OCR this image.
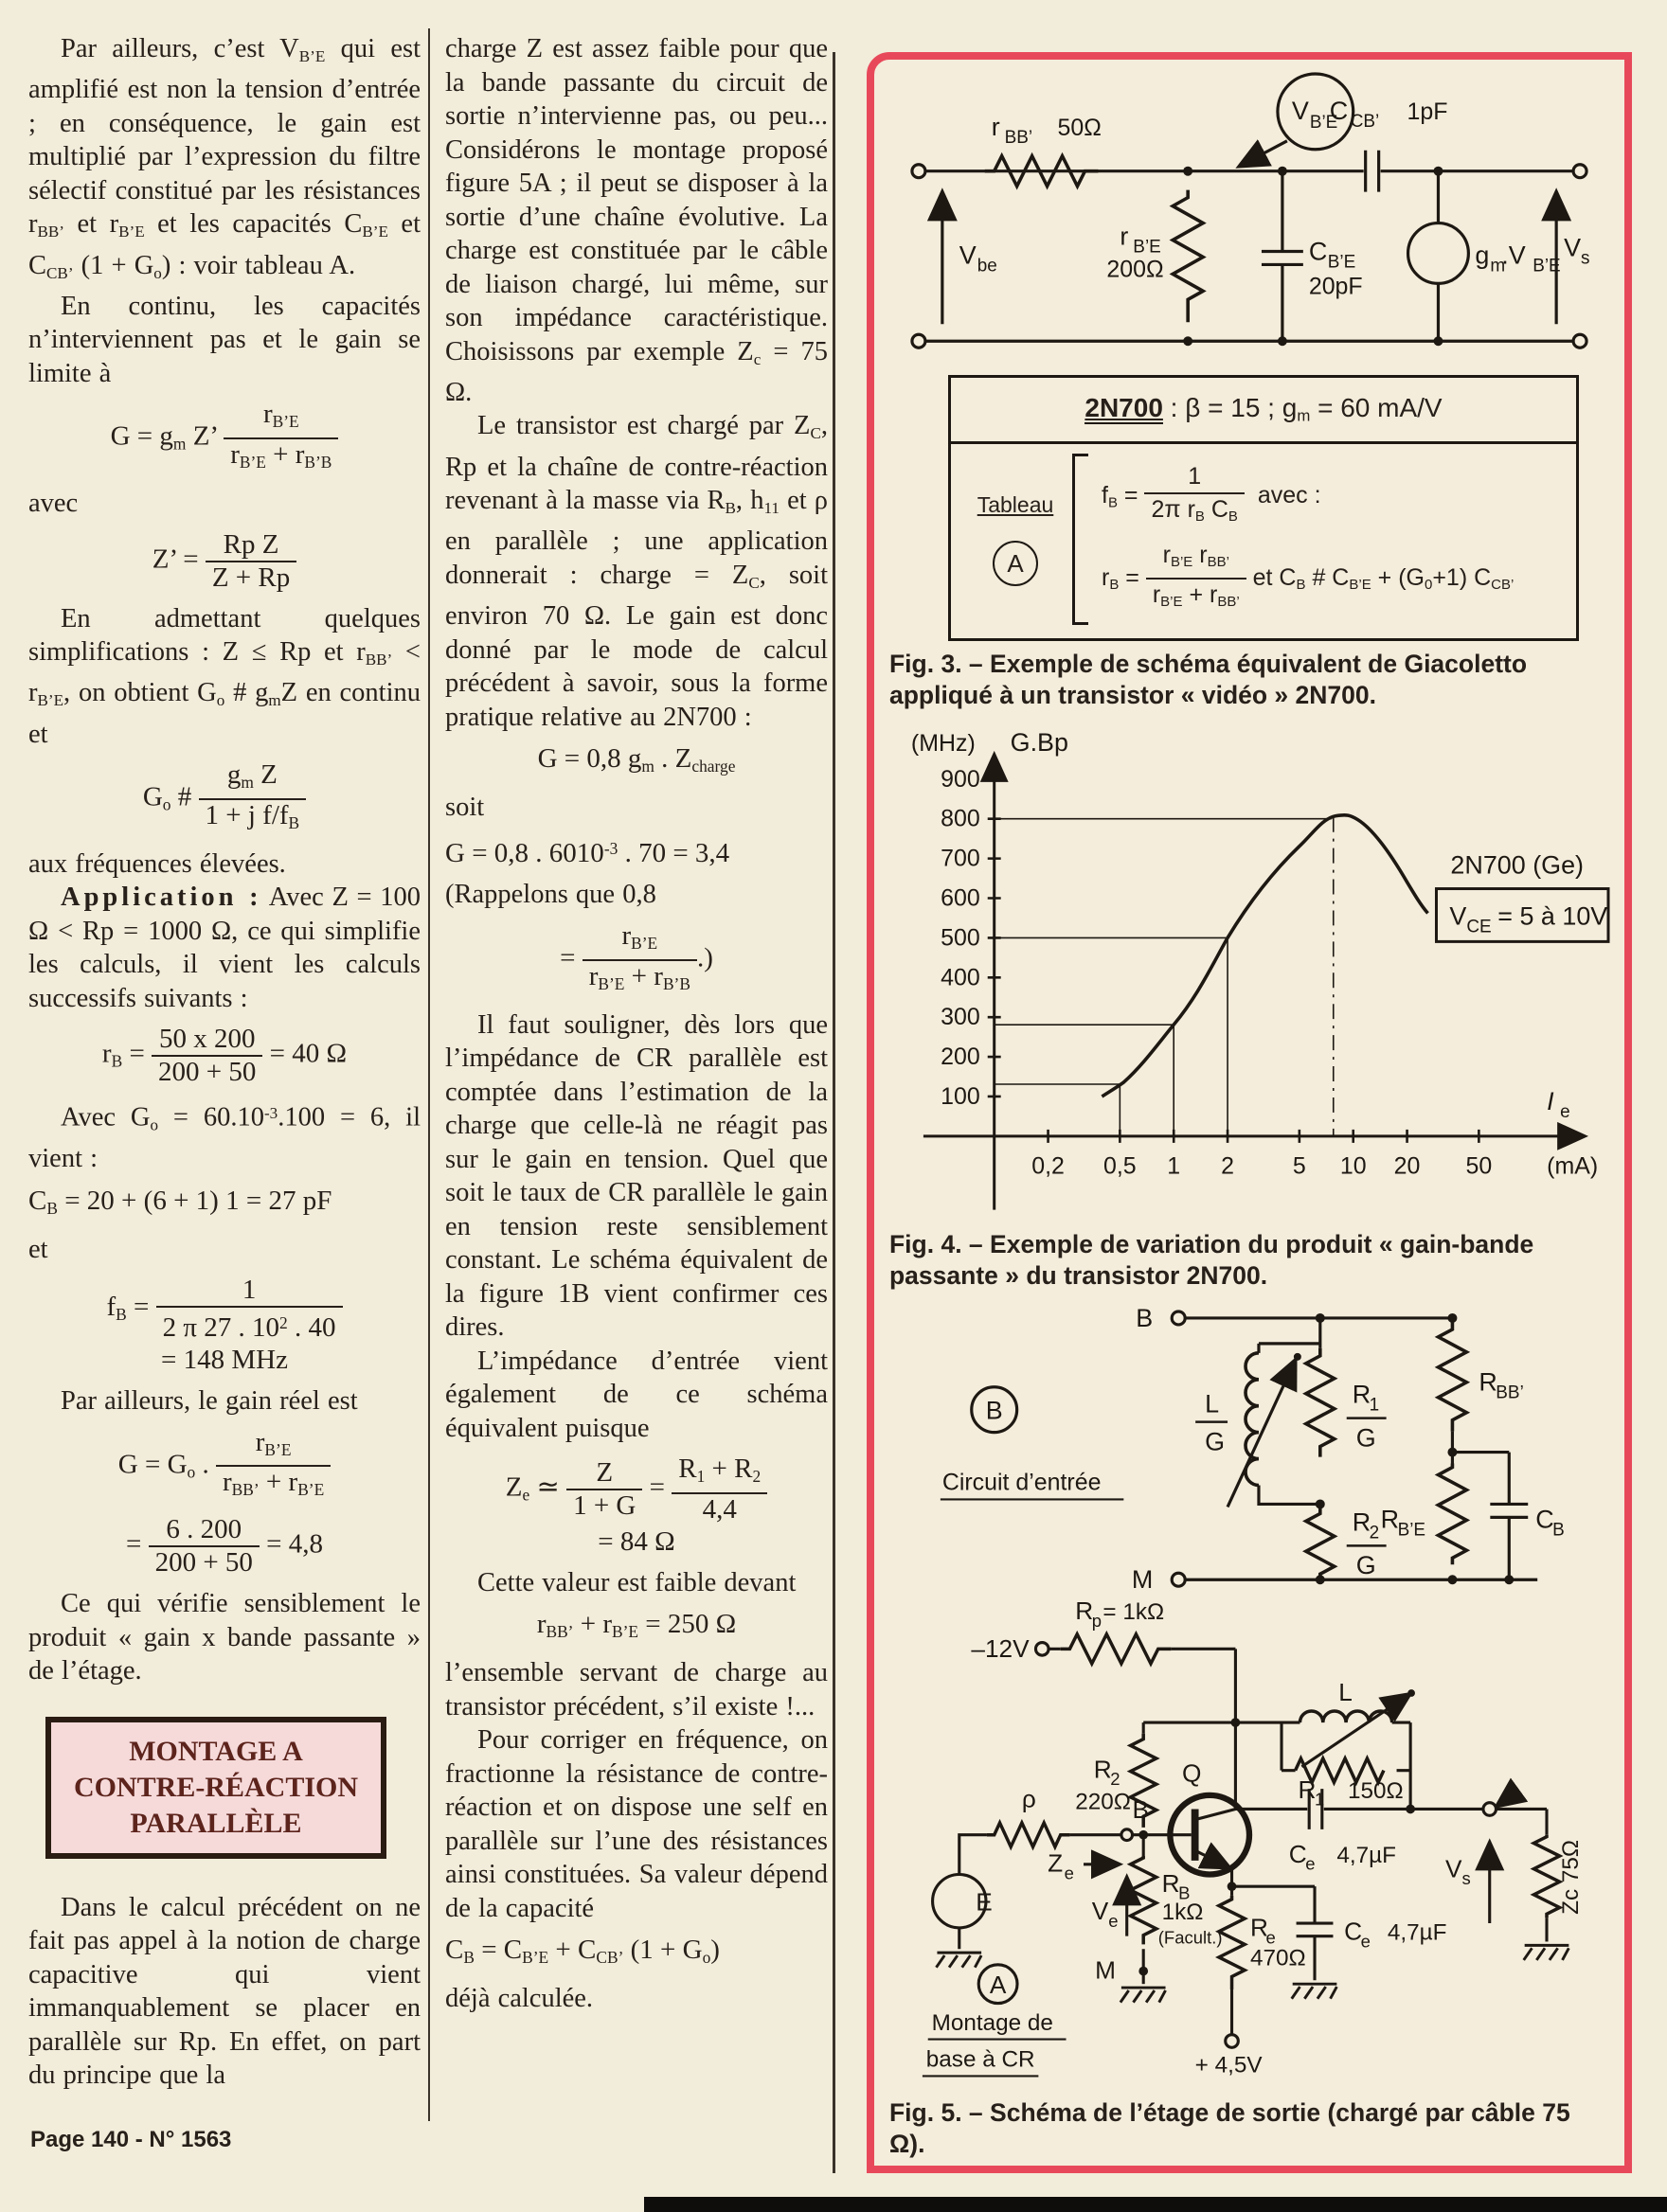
Par ailleurs, c’est $V_{B’E}$ qui est amplifié est non la tension d’entrée ; en conséquence, le gain est multiplié par l’expression du filtre sélectif constitué par les résistances $r_{BB’}$ et $r_{B’E}$ et les capacités $C_{B’E}$ et $C_{CB’}$ $(1 + G_o)$ : voir tableau A.

En continu, les capacités n’interviennent pas et le gain se limite à

$G = g_m$ Z’ $\frac{r_{B’E}}{r_{B’E} + r_{B’B}}$

avec

Z’ = $\frac{\text{Rp Z}}{Z + Rp}$

En admettant quelques simplifications : Z ≤ Rp et $r_{BB’} < r_{B’E}$, on obtient $G_o$ # $g_mZ$ en continu et

$G_o$ # $\frac{g_m Z}{1 + j f/f_B}$

aux fréquences élevées.

Application : Avec Z = 100 Ω < Rp = 1000 Ω, ce qui simplifie les calculs, il vient les calculs successifs suivants :

$r_B = \frac{50 x 200}{200 + 50} = 40$ Ω

Avec $G_o = 60.10^{-3}.100 = 6$, il vient :

$C_B = 20 + (6 + 1) 1 = 27$ pF

et

$f_B = \frac{1}{2 \pi 27 . 10^2 . 40}$

= 148 MHz

Par ailleurs, le gain réel est

$G = G_o$ .
$r_{B’E}$
$r_{BB’} + r_{B’E}$
= $\frac{6 . 200}{200 + 50} = 4,8$

Ce qui vérifie sensiblement le produit « gain x bande passante » de l’étage.

MONTAGE A
CONTRE-RÉACTION
PARALLÈLE

Dans le calcul précédent on ne fait pas appel à la notion de charge capacitive qui vient immanquablement se placer en parallèle sur Rp. En effet, on part du principe que la

charge Z est assez faible pour que la bande passante du circuit de sortie n’intervienne pas, ou peu... Considérons le montage proposé figure 5A ; il peut se disposer à la sortie d’une chaîne évolutive. La charge est constituée par le câble de liaison chargé, lui même, sur son impédance caractéristique. Choisissons par exemple $Z_c = 75$ Ω.

Le transistor est chargé par $Z_C$, Rp et la chaîne de contre-réaction revenant à la masse via $R_B$, $h_{11}$ et ρ en parallèle ; une application donnerait : charge = $Z_C$, soit environ 70 Ω. Le gain est donc donné par le mode de calcul précédent à savoir, sous la forme pratique relative au 2N700 :

G = 0,8 $g_m$ . $Z_{charge}$

soit

G = 0,8 . $6010^{-3}$ . 70 = 3,4

(Rappelons que 0,8

= $\frac{r_{B’E}}{r_{B’E} + r_{B’B}}$ .)

Il faut souligner, dès lors que l’impédance de CR parallèle est comptée dans l’estimation de la charge que celle-là ne réagit pas sur le gain en tension. Quel que soit le taux de CR parallèle le gain en tension reste sensiblement constant. Le schéma équivalent de la figure 1B vient confirmer ces dires.

L’impédance d’entrée vient également de ce schéma équivalent puisque

$Z_e$ ≃ $\frac{Z}{1 + G} = \frac{R_1 + R_2}{4,4}$

= 84 Ω

Cette valeur est faible devant

$r_{BB’} + r_{B’E} = 250$ Ω

l’ensemble servant de charge au transistor précédent, s’il existe !...

Pour corriger en fréquence, on fractionne la résistance de contre-réaction et on dispose une self en parallèle sur l’une des résistances ainsi constituées. Sa valeur dépend de la capacité

$C_B = C_{B’E} + C_{CB’}$ $(1 + G_o)$

déjà calculée.

r BB’ 50Ω
V be
V B’E
C CB’ 1pF
r B’E
200Ω
C B’E
20pF
g m
.V B’E
V s
2N700 : β = 15 ; $g_m = 60$ mA/V
Tableau
A
$f_B = \frac{1}{2\pi r_B C_B}$ avec :
$r_B$ =
$r_{B’E}$ $r_{BB’}$
$r_{B’E} + r_{BB’}$
et $C_B$ # $C_{B’E} + (G_0+1)$ $C_{CB’}$

Fig. 3. – Exemple de schéma équivalent de Giacoletto appliqué à un transistor « vidéo » 2N700.

100
200
300
400
500
600
700
800
900
0,2 0,5 1 2 5 10 20 50
(MHz) G.Bp
I e
(mA)
2N700 (Ge)
V CE = 5 à 10V

Fig. 4. – Exemple de variation du produit « gain-bande passante » du transistor 2N700.

B
M
L
G
R
1
G
R
2
G
R
BB’
R
B’E	C
B
B
Circuit d’entrée
–12V
R
p = 1kΩ
R
2
220Ω
Q
L
R
1 150Ω
C
e 4,7µF
ρ	B
Z e
V e
R
B
1kΩ
(Facult.)
M
R
e
470Ω
C
e 4,7µF
+ 4,5V
V s	Zc 75Ω
E
A
Montage de
base à CR

Fig. 5. – Schéma de l’étage de sortie (chargé par câble 75 Ω).

Page 140 - N° 1563
